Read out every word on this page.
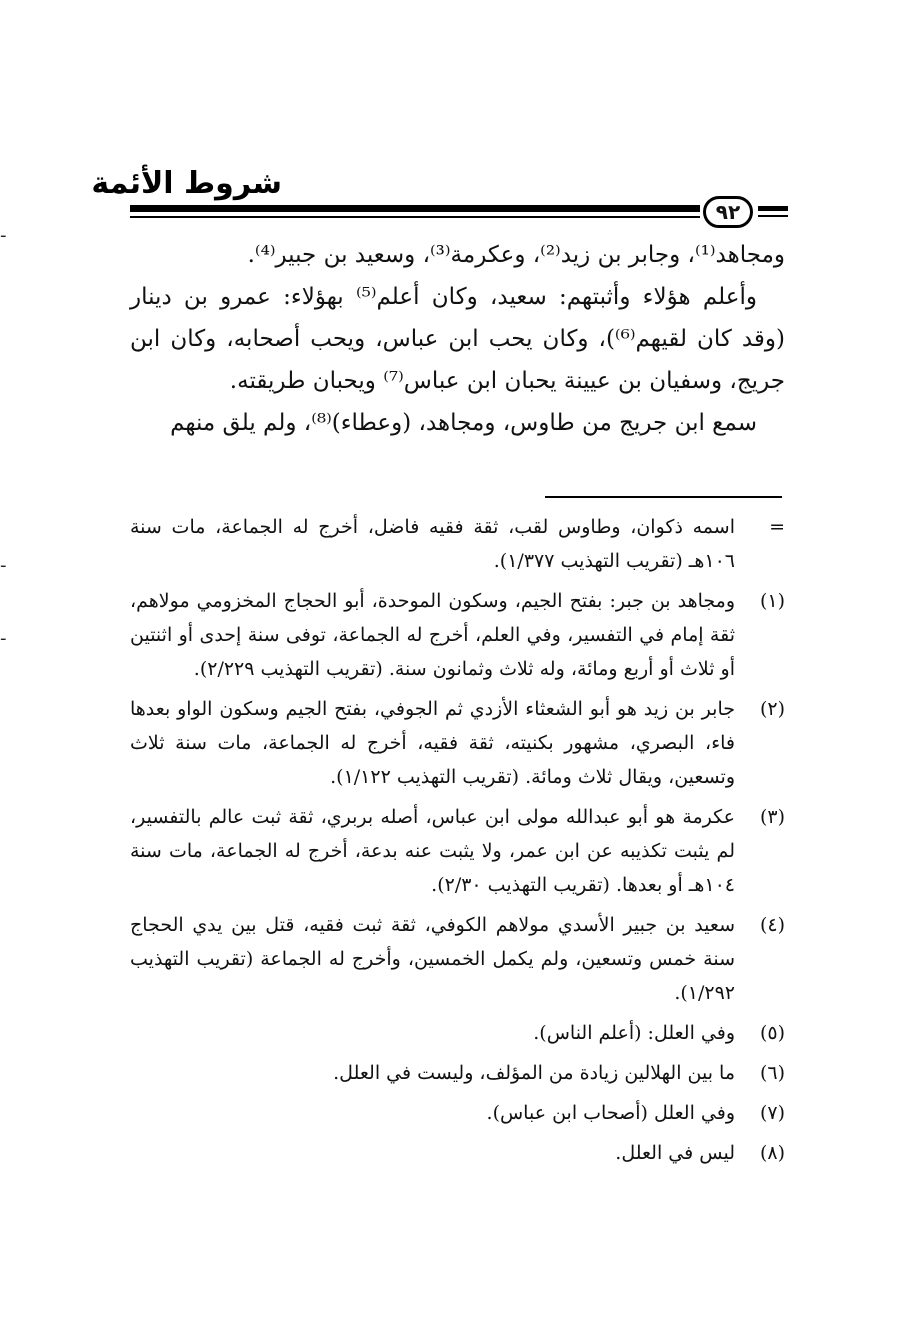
شروط الأئمة
٩٢

ومجاهد⁽¹⁾، وجابر بن زيد⁽²⁾، وعكرمة⁽³⁾، وسعيد بن جبير⁽⁴⁾.

وأعلم هؤلاء وأثبتهم: سعيد، وكان أعلم⁽⁵⁾ بهؤلاء: عمرو بن دينار (وقد كان لقيهم⁽⁶⁾)، وكان يحب ابن عباس، ويحب أصحابه، وكان ابن جريج، وسفيان بن عيينة يحبان ابن عباس⁽⁷⁾ ويحبان طريقته.

سمع ابن جريج من طاوس، ومجاهد، (وعطاء)⁽⁸⁾، ولم يلق منهم

=
اسمه ذكوان، وطاوس لقب، ثقة فقيه فاضل، أخرج له الجماعة، مات سنة ١٠٦هـ (تقريب التهذيب ١/٣٧٧).
(١)
ومجاهد بن جبر: بفتح الجيم، وسكون الموحدة، أبو الحجاج المخزومي مولاهم، ثقة إمام في التفسير، وفي العلم، أخرج له الجماعة، توفى سنة إحدى أو اثنتين أو ثلاث أو أربع ومائة، وله ثلاث وثمانون سنة. (تقريب التهذيب ٢/٢٢٩).
(٢)
جابر بن زيد هو أبو الشعثاء الأزدي ثم الجوفي، بفتح الجيم وسكون الواو بعدها فاء، البصري، مشهور بكنيته، ثقة فقيه، أخرج له الجماعة، مات سنة ثلاث وتسعين، ويقال ثلاث ومائة. (تقريب التهذيب ١/١٢٢).
(٣)
عكرمة هو أبو عبدالله مولى ابن عباس، أصله بربري، ثقة ثبت عالم بالتفسير، لم يثبت تكذيبه عن ابن عمر، ولا يثبت عنه بدعة، أخرج له الجماعة، مات سنة ١٠٤هـ أو بعدها. (تقريب التهذيب ٢/٣٠).
(٤)
سعيد بن جبير الأسدي مولاهم الكوفي، ثقة ثبت فقيه، قتل بين يدي الحجاج سنة خمس وتسعين، ولم يكمل الخمسين، وأخرج له الجماعة (تقريب التهذيب ١/٢٩٢).
(٥)
وفي العلل: (أعلم الناس).
(٦)
ما بين الهلالين زيادة من المؤلف، وليست في العلل.
(٧)
وفي العلل (أصحاب ابن عباس).
(٨)
ليس في العلل.
-
-
-
